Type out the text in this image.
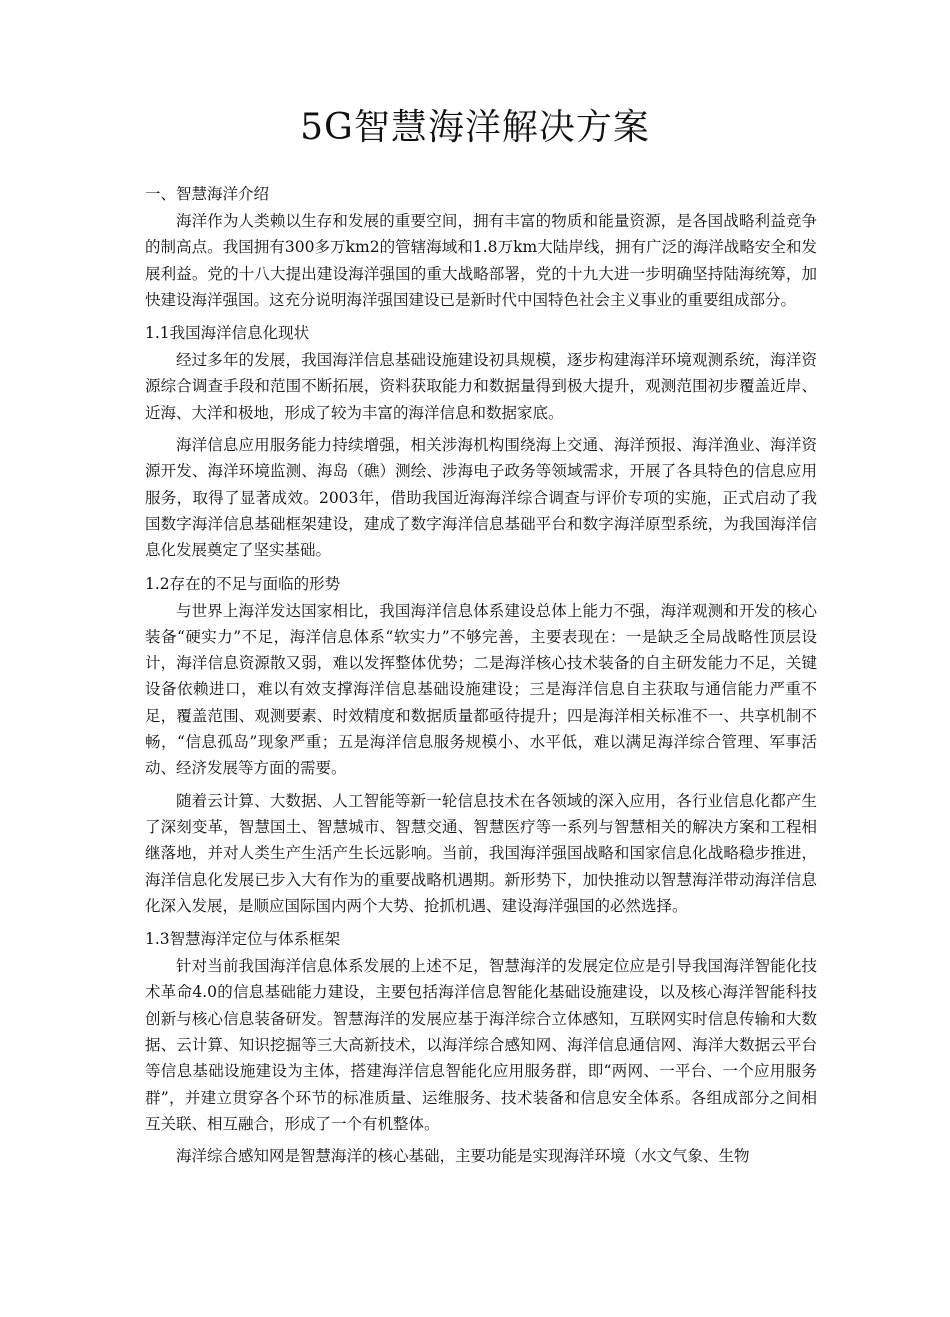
5G智慧海洋解决方案

一、智慧海洋介绍

海洋作为人类赖以生存和发展的重要空间，拥有丰富的物质和能量资源，是各国战略利益竞争的制高点。我国拥有300多万km2的管辖海域和1.8万km大陆岸线，拥有广泛的海洋战略安全和发展利益。党的十八大提出建设海洋强国的重大战略部署，党的十九大进一步明确坚持陆海统筹，加快建设海洋强国。这充分说明海洋强国建设已是新时代中国特色社会主义事业的重要组成部分。

1.1我国海洋信息化现状

经过多年的发展，我国海洋信息基础设施建设初具规模，逐步构建海洋环境观测系统，海洋资源综合调查手段和范围不断拓展，资料获取能力和数据量得到极大提升，观测范围初步覆盖近岸、近海、大洋和极地，形成了较为丰富的海洋信息和数据家底。

海洋信息应用服务能力持续增强，相关涉海机构围绕海上交通、海洋预报、海洋渔业、海洋资源开发、海洋环境监测、海岛（礁）测绘、涉海电子政务等领域需求，开展了各具特色的信息应用服务，取得了显著成效。2003年，借助我国近海海洋综合调查与评价专项的实施，正式启动了我国数字海洋信息基础框架建设，建成了数字海洋信息基础平台和数字海洋原型系统，为我国海洋信息化发展奠定了坚实基础。

1.2存在的不足与面临的形势

与世界上海洋发达国家相比，我国海洋信息体系建设总体上能力不强，海洋观测和开发的核心装备“硬实力”不足，海洋信息体系“软实力”不够完善，主要表现在：一是缺乏全局战略性顶层设计，海洋信息资源散又弱，难以发挥整体优势；二是海洋核心技术装备的自主研发能力不足，关键设备依赖进口，难以有效支撑海洋信息基础设施建设；三是海洋信息自主获取与通信能力严重不足，覆盖范围、观测要素、时效精度和数据质量都亟待提升；四是海洋相关标准不一、共享机制不畅，“信息孤岛”现象严重；五是海洋信息服务规模小、水平低，难以满足海洋综合管理、军事活动、经济发展等方面的需要。

随着云计算、大数据、人工智能等新一轮信息技术在各领域的深入应用，各行业信息化都产生了深刻变革，智慧国土、智慧城市、智慧交通、智慧医疗等一系列与智慧相关的解决方案和工程相继落地，并对人类生产生活产生长远影响。当前，我国海洋强国战略和国家信息化战略稳步推进，海洋信息化发展已步入大有作为的重要战略机遇期。新形势下，加快推动以智慧海洋带动海洋信息化深入发展，是顺应国际国内两个大势、抢抓机遇、建设海洋强国的必然选择。

1.3智慧海洋定位与体系框架

针对当前我国海洋信息体系发展的上述不足，智慧海洋的发展定位应是引导我国海洋智能化技术革命4.0的信息基础能力建设，主要包括海洋信息智能化基础设施建设，以及核心海洋智能科技创新与核心信息装备研发。智慧海洋的发展应基于海洋综合立体感知，互联网实时信息传输和大数据、云计算、知识挖掘等三大高新技术，以海洋综合感知网、海洋信息通信网、海洋大数据云平台等信息基础设施建设为主体，搭建海洋信息智能化应用服务群，即“两网、一平台、一个应用服务群”，并建立贯穿各个环节的标准质量、运维服务、技术装备和信息安全体系。各组成部分之间相互关联、相互融合，形成了一个有机整体。

海洋综合感知网是智慧海洋的核心基础，主要功能是实现海洋环境（水文气象、生物
